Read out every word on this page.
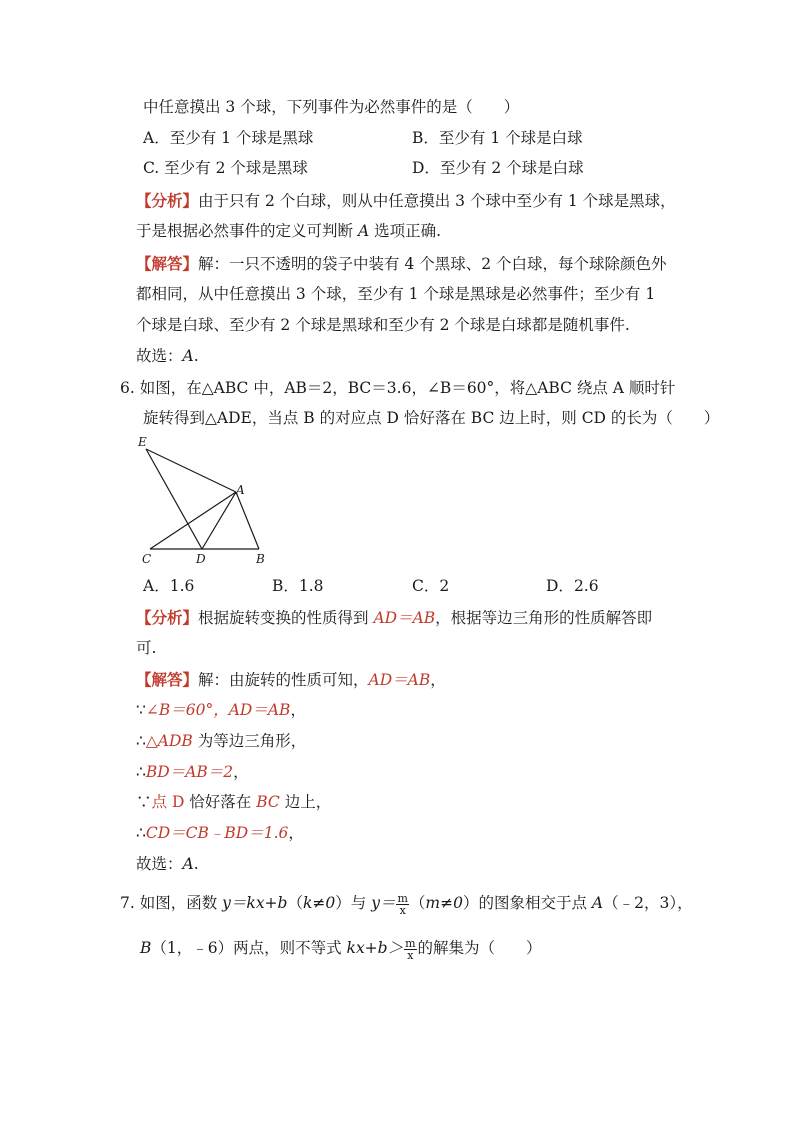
中任意摸出 3 个球，下列事件为必然事件的是（　　）
A．至少有 1 个球是黑球	B．至少有 1 个球是白球
C. 至少有 2 个球是黑球	D．至少有 2 个球是白球
【分析】由于只有 2 个白球，则从中任意摸出 3 个球中至少有 1 个球是黑球，
于是根据必然事件的定义可判断 A 选项正确.
【解答】解：一只不透明的袋子中装有 4 个黑球、2 个白球，每个球除颜色外
都相同，从中任意摸出 3 个球，至少有 1 个球是黑球是必然事件；至少有 1
个球是白球、至少有 2 个球是黑球和至少有 2 个球是白球都是随机事件.
故选：A.
6. 如图，在△ABC 中，AB＝2，BC＝3.6，∠B＝60°，将△ABC 绕点 A 顺时针
旋转得到△ADE，当点 B 的对应点 D 恰好落在 BC 边上时，则 CD 的长为（　　）
E
A
C	D	B
A．1.6	B．1.8	C．2	D．2.6
【分析】根据旋转变换的性质得到 AD＝AB，根据等边三角形的性质解答即
可.
【解答】解：由旋转的性质可知，AD＝AB，
∵∠B＝60°，AD＝AB，
∴△ADB 为等边三角形，
∴BD＝AB＝2，
∵点 D 恰好落在 BC 边上，
∴CD＝CB﹣BD＝1.6，
故选：A.
7. 如图，函数 y＝kx+b（k≠0）与 $y= \frac{m}{x} (m\ne 0)$的图象相交于点 A（﹣2，3），
B（1，﹣6）两点，则不等式 $kx+b> \frac{m}{x}$ 的解集为（　　）
